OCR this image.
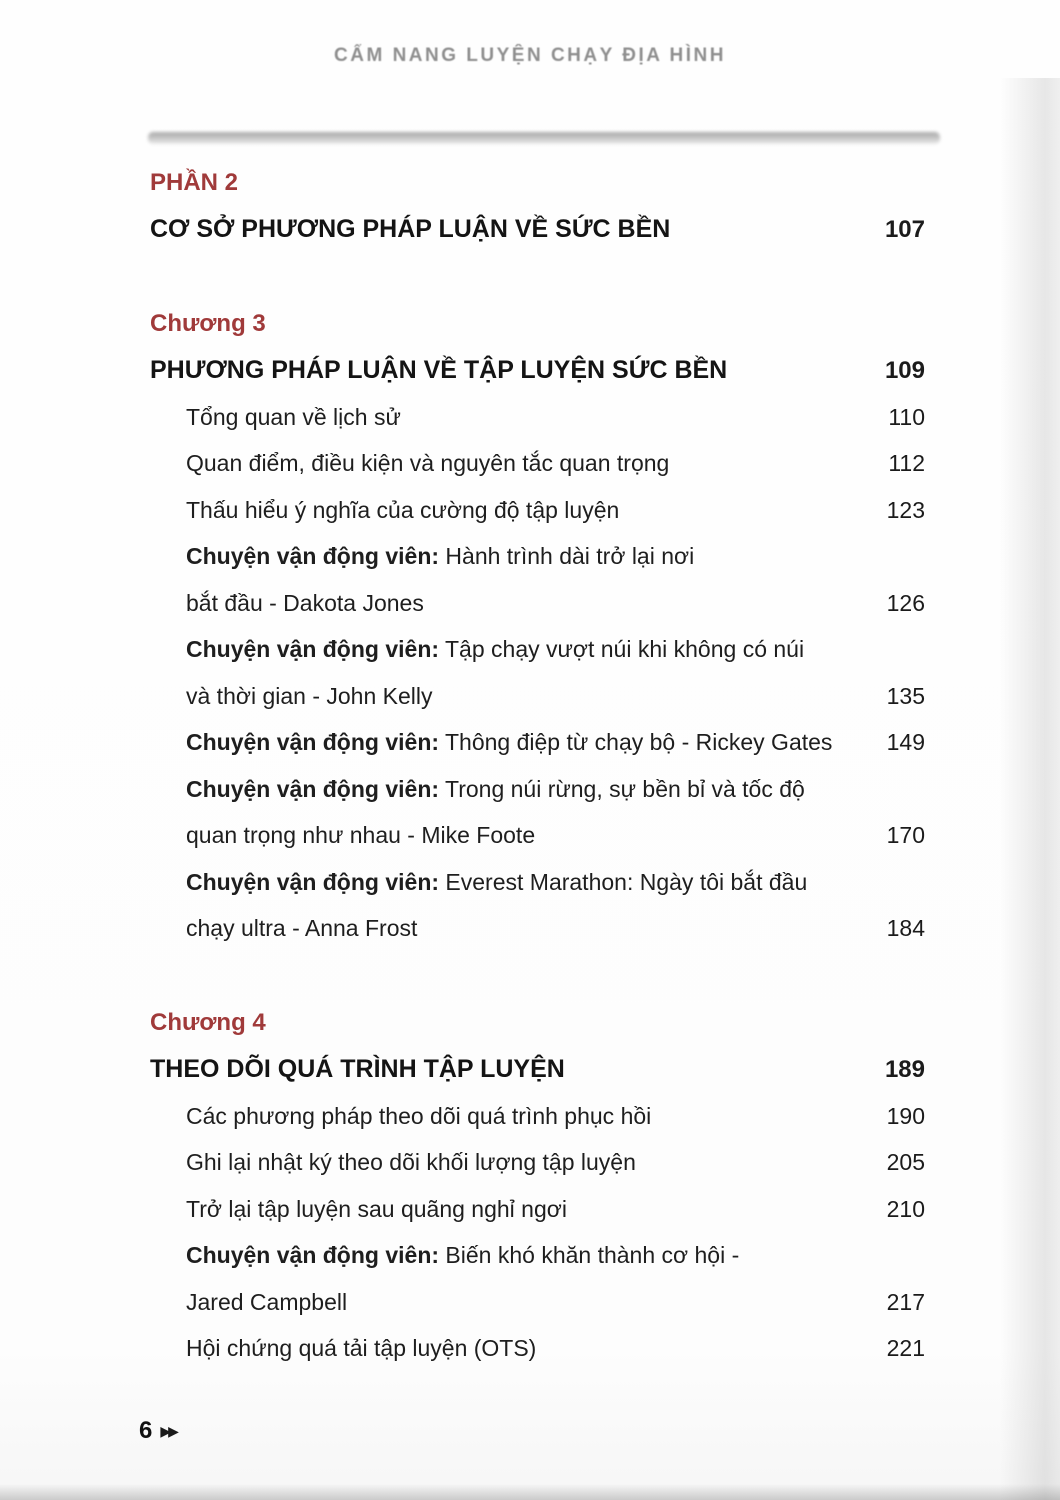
CẨM NANG LUYỆN CHẠY ĐỊA HÌNH
PHẦN 2
CƠ SỞ PHƯƠNG PHÁP LUẬN VỀ SỨC BỀN	107
Chương 3
PHƯƠNG PHÁP LUẬN VỀ TẬP LUYỆN SỨC BỀN	109
Tổng quan về lịch sử	110
Quan điểm, điều kiện và nguyên tắc quan trọng	112
Thấu hiểu ý nghĩa của cường độ tập luyện	123
Chuyện vận động viên: Hành trình dài trở lại nơi
bắt đầu - Dakota Jones	126
Chuyện vận động viên: Tập chạy vượt núi khi không có núi
và thời gian - John Kelly	135
Chuyện vận động viên: Thông điệp từ chạy bộ - Rickey Gates 149
Chuyện vận động viên: Trong núi rừng, sự bền bỉ và tốc độ
quan trọng như nhau - Mike Foote	170
Chuyện vận động viên: Everest Marathon: Ngày tôi bắt đầu
chạy ultra - Anna Frost	184
Chương 4
THEO DÕI QUÁ TRÌNH TẬP LUYỆN	189
Các phương pháp theo dõi quá trình phục hồi	190
Ghi lại nhật ký theo dõi khối lượng tập luyện	205
Trở lại tập luyện sau quãng nghỉ ngơi	210
Chuyện vận động viên: Biến khó khăn thành cơ hội -
Jared Campbell	217
Hội chứng quá tải tập luyện (OTS)	221
6 ▶▶
